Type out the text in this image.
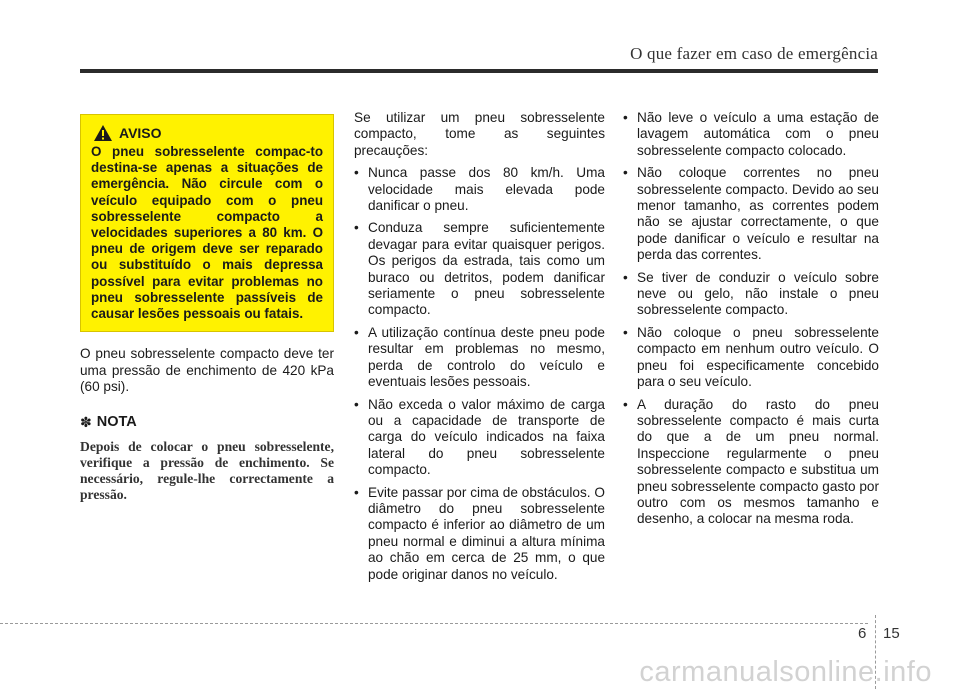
O que fazer em caso de emergência
AVISO
O pneu sobresselente compac-to destina-se apenas a situações de emergência. Não circule com o veículo equipado com o pneu sobresselente compacto a velocidades superiores a 80 km. O pneu de origem deve ser reparado ou substituído o mais depressa possível para evitar problemas no pneu sobresselente passíveis de causar lesões pessoais ou fatais.
O pneu sobresselente compacto deve ter uma pressão de enchimento de 420 kPa (60 psi).
✽ NOTA
Depois de colocar o pneu sobresselente, verifique a pressão de enchimento. Se necessário, regule-lhe correctamente a pressão.
Se utilizar um pneu sobresselente compacto, tome as seguintes precauções:
• Nunca passe dos 80 km/h. Uma velocidade mais elevada pode danificar o pneu.
• Conduza sempre suficientemente devagar para evitar quaisquer perigos. Os perigos da estrada, tais como um buraco ou detritos, podem danificar seriamente o pneu sobresselente compacto.
• A utilização contínua deste pneu pode resultar em problemas no mesmo, perda de controlo do veículo e eventuais lesões pessoais.
• Não exceda o valor máximo de carga ou a capacidade de transporte de carga do veículo indicados na faixa lateral do pneu sobresselente compacto.
• Evite passar por cima de obstáculos. O diâmetro do pneu sobresselente compacto é inferior ao diâmetro de um pneu normal e diminui a altura mínima ao chão em cerca de 25 mm, o que pode originar danos no veículo.
• Não leve o veículo a uma estação de lavagem automática com o pneu sobresselente compacto colocado.
• Não coloque correntes no pneu sobresselente compacto. Devido ao seu menor tamanho, as correntes podem não se ajustar correctamente, o que pode danificar o veículo e resultar na perda das correntes.
• Se tiver de conduzir o veículo sobre neve ou gelo, não instale o pneu sobresselente compacto.
• Não coloque o pneu sobresselente compacto em nenhum outro veículo. O pneu foi especificamente concebido para o seu veículo.
• A duração do rasto do pneu sobresselente compacto é mais curta do que a de um pneu normal. Inspeccione regularmente o pneu sobresselente compacto e substitua um pneu sobresselente compacto gasto por outro com os mesmos tamanho e desenho, a colocar na mesma roda.
6 15
carmanualsonline.info
